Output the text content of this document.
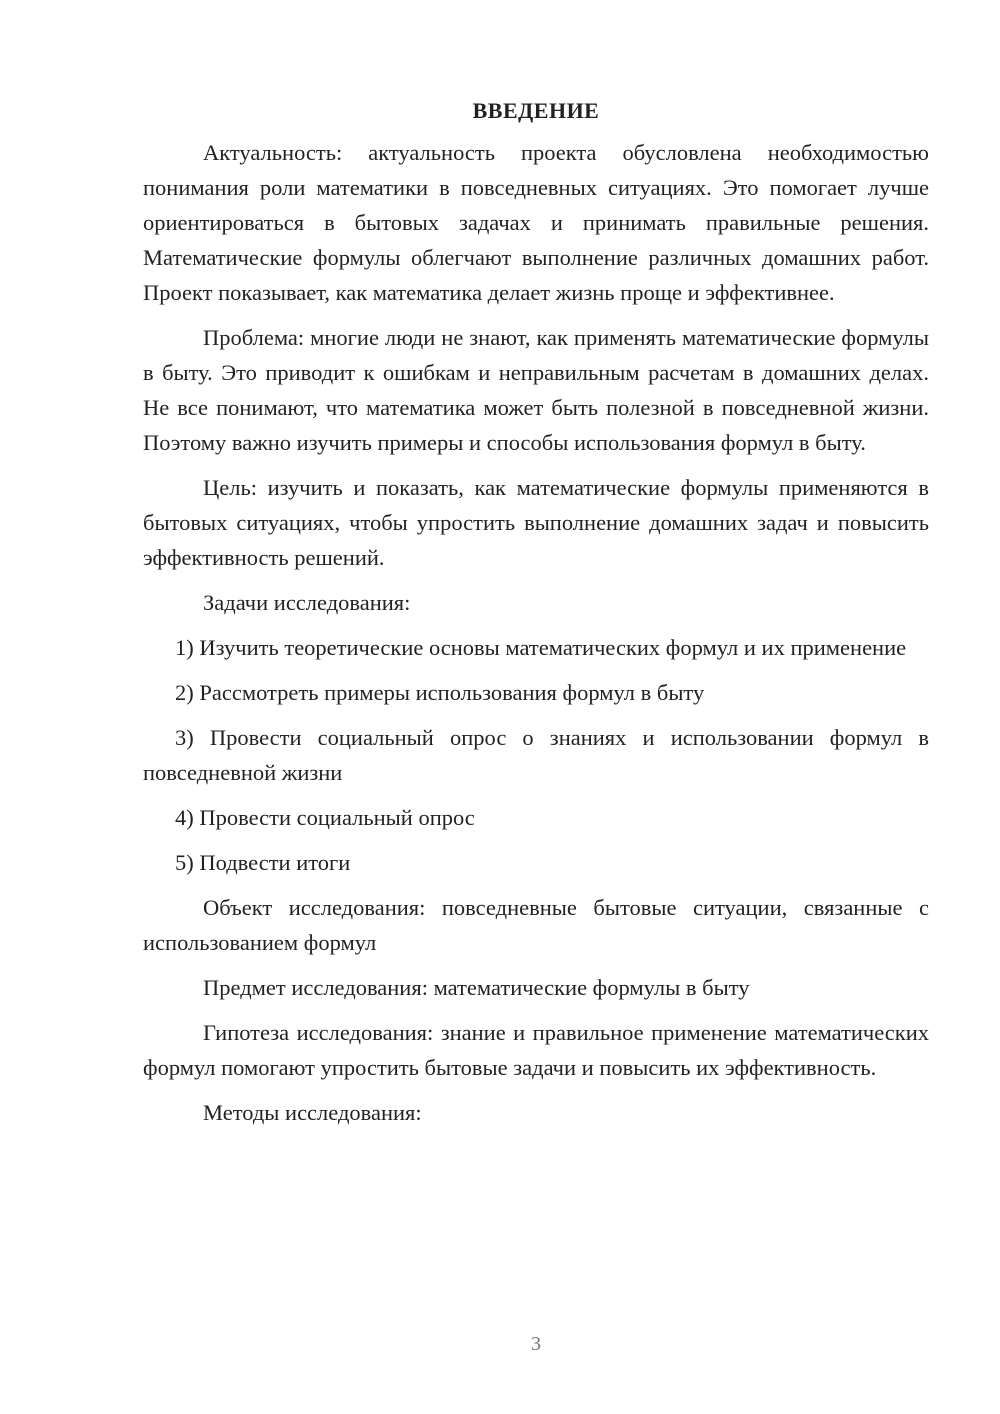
ВВЕДЕНИЕ

Актуальность: актуальность проекта обусловлена необходимостью понимания роли математики в повседневных ситуациях. Это помогает лучше ориентироваться в бытовых задачах и принимать правильные решения. Математические формулы облегчают выполнение различных домашних работ. Проект показывает, как математика делает жизнь проще и эффективнее.

Проблема: многие люди не знают, как применять математические формулы в быту. Это приводит к ошибкам и неправильным расчетам в домашних делах. Не все понимают, что математика может быть полезной в повседневной жизни. Поэтому важно изучить примеры и способы использования формул в быту.

Цель: изучить и показать, как математические формулы применяются в бытовых ситуациях, чтобы упростить выполнение домашних задач и повысить эффективность решений.

Задачи исследования:

1) Изучить теоретические основы математических формул и их применение

2) Рассмотреть примеры использования формул в быту

3) Провести социальный опрос о знаниях и использовании формул в повседневной жизни

4) Провести социальный опрос

5) Подвести итоги

Объект исследования: повседневные бытовые ситуации, связанные с использованием формул

Предмет исследования: математические формулы в быту

Гипотеза исследования: знание и правильное применение математических формул помогают упростить бытовые задачи и повысить их эффективность.

Методы исследования:

3
